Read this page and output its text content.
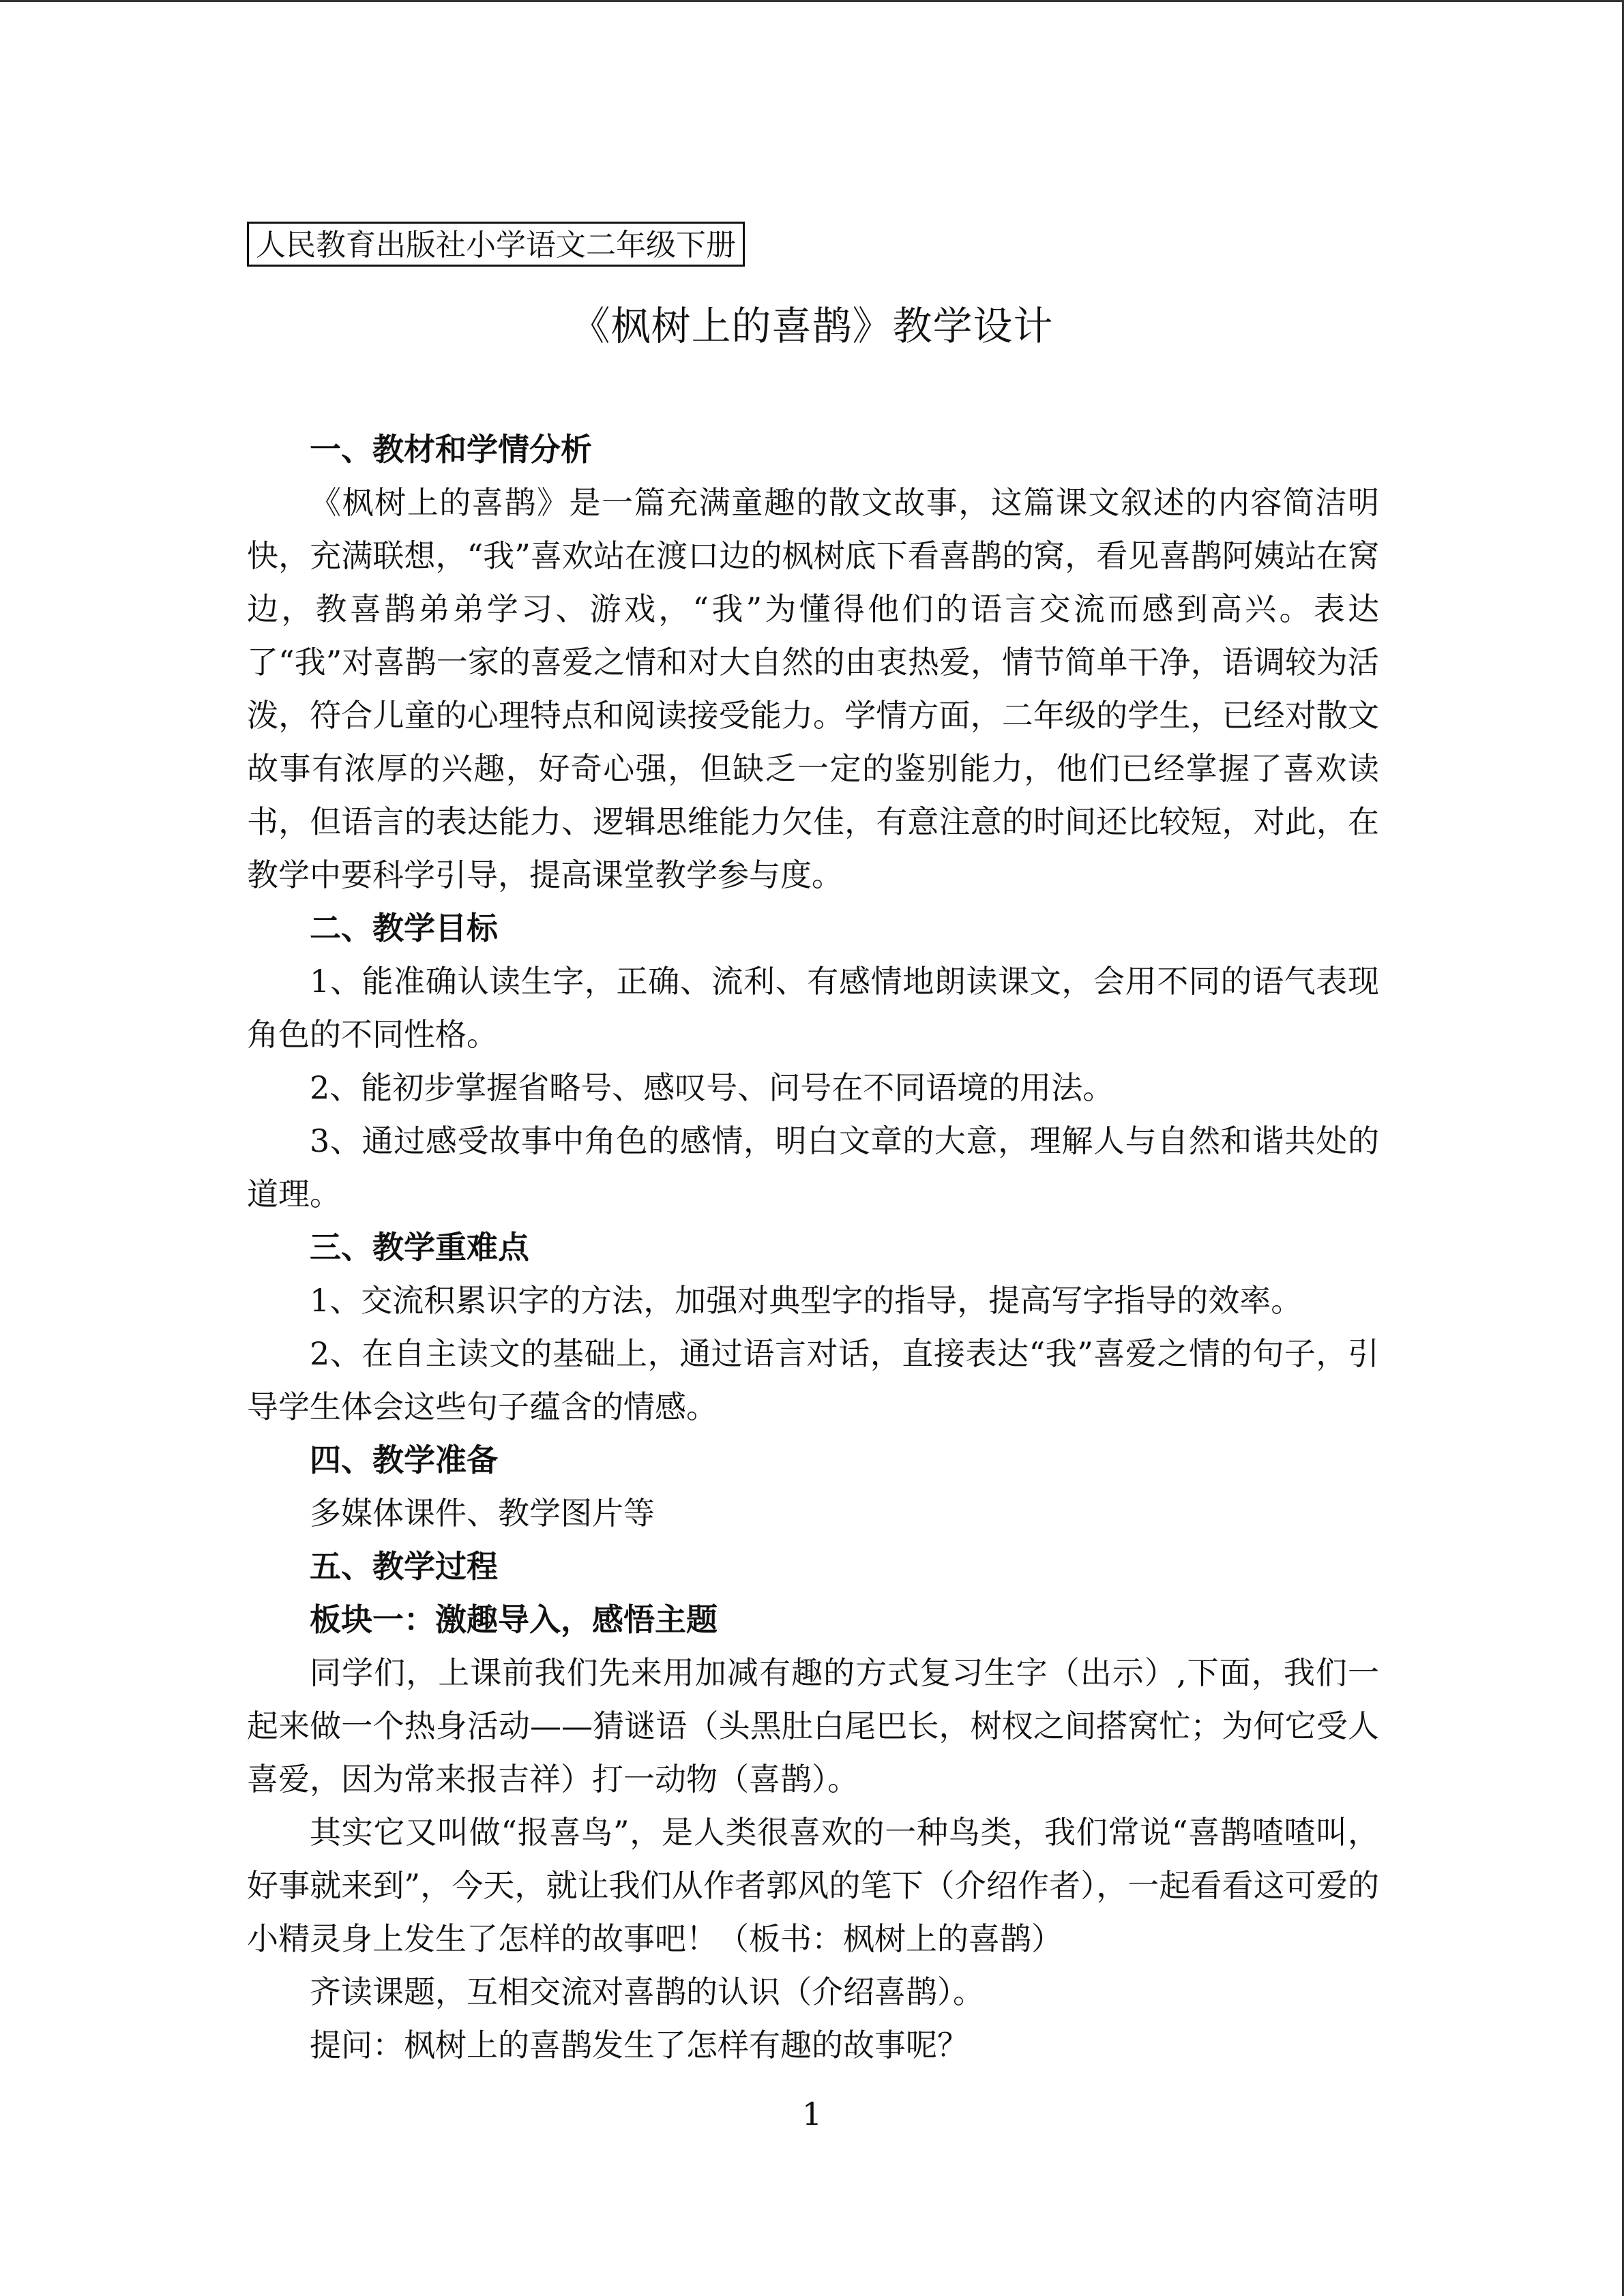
人民教育出版社小学语文二年级下册
《枫树上的喜鹊》教学设计

一、教材和学情分析

《枫树上的喜鹊》是一篇充满童趣的散文故事，这篇课文叙述的内容简洁明快，充满联想，“我”喜欢站在渡口边的枫树底下看喜鹊的窝，看见喜鹊阿姨站在窝边，教喜鹊弟弟学习、游戏，“我”为懂得他们的语言交流而感到高兴。表达了“我”对喜鹊一家的喜爱之情和对大自然的由衷热爱，情节简单干净，语调较为活泼，符合儿童的心理特点和阅读接受能力。学情方面，二年级的学生，已经对散文故事有浓厚的兴趣，好奇心强，但缺乏一定的鉴别能力，他们已经掌握了喜欢读书，但语言的表达能力、逻辑思维能力欠佳，有意注意的时间还比较短，对此，在教学中要科学引导，提高课堂教学参与度。

二、教学目标

1、能准确认读生字，正确、流利、有感情地朗读课文，会用不同的语气表现角色的不同性格。

2、能初步掌握省略号、感叹号、问号在不同语境的用法。

3、通过感受故事中角色的感情，明白文章的大意，理解人与自然和谐共处的道理。

三、教学重难点

1、交流积累识字的方法，加强对典型字的指导，提高写字指导的效率。

2、在自主读文的基础上，通过语言对话，直接表达“我”喜爱之情的句子，引导学生体会这些句子蕴含的情感。

四、教学准备

多媒体课件、教学图片等

五、教学过程

板块一：激趣导入，感悟主题

同学们，上课前我们先来用加减有趣的方式复习生字（出示）,下面，我们一起来做一个热身活动——猜谜语（头黑肚白尾巴长，树杈之间搭窝忙；为何它受人喜爱，因为常来报吉祥）打一动物（喜鹊）。

其实它又叫做“报喜鸟”，是人类很喜欢的一种鸟类，我们常说“喜鹊喳喳叫，好事就来到”，今天，就让我们从作者郭风的笔下（介绍作者），一起看看这可爱的小精灵身上发生了怎样的故事吧！（板书：枫树上的喜鹊）

齐读课题，互相交流对喜鹊的认识（介绍喜鹊）。

提问：枫树上的喜鹊发生了怎样有趣的故事呢？

1
